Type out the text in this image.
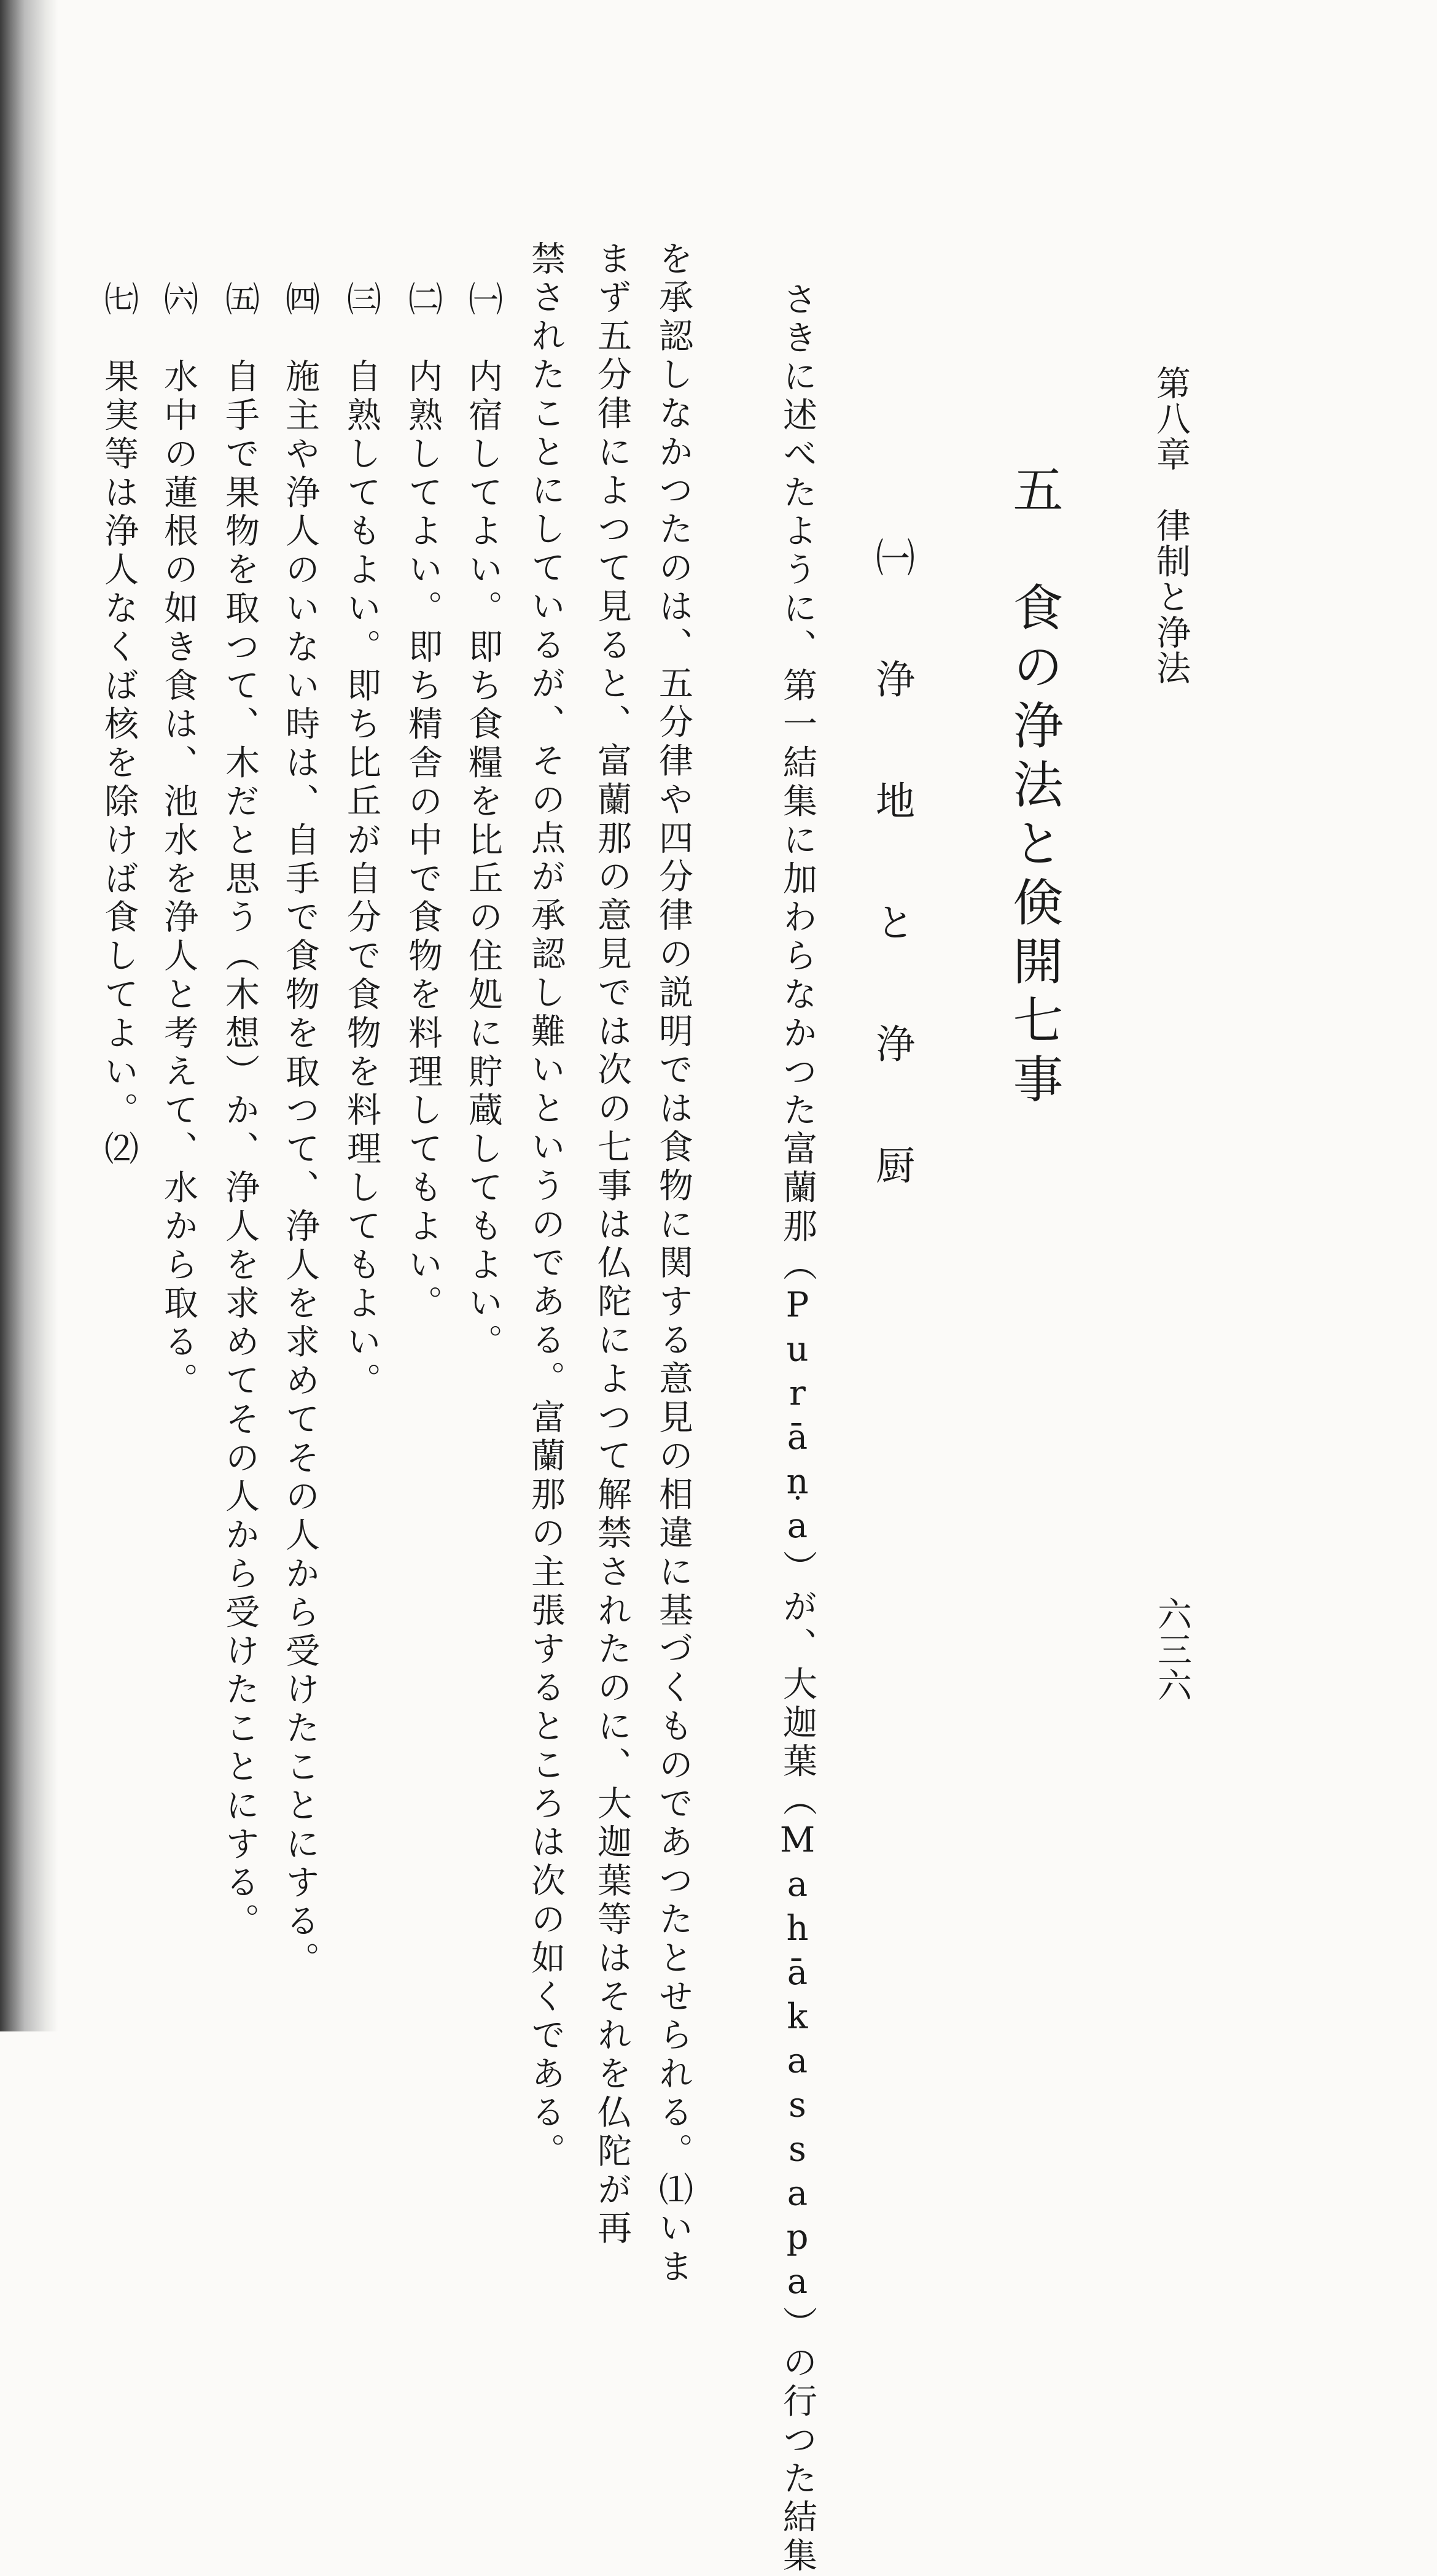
第八章　律制と浄法
六三六
五　食の浄法と倹開七事
㈠ 浄 地 と 浄 厨
さきに述べたように、第一結集に加わらなかつた富蘭那（Purāṇa）が、大迦葉（Mahākassapa）の行つた結集
を承認しなかつたのは、五分律や四分律の説明では食物に関する意見の相違に基づくものであつたとせられる。⑴いま
まず五分律によつて見ると、富蘭那の意見では次の七事は仏陀によつて解禁されたのに、大迦葉等はそれを仏陀が再
禁されたことにしているが、その点が承認し難いというのである。富蘭那の主張するところは次の如くである。
㈠　内宿してよい。即ち食糧を比丘の住処に貯蔵してもよい。
㈡　内熟してよい。即ち精舎の中で食物を料理してもよい。
㈢　自熟してもよい。即ち比丘が自分で食物を料理してもよい。
㈣　施主や浄人のいない時は、自手で食物を取つて、浄人を求めてその人から受けたことにする。
㈤　自手で果物を取つて、木だと思う（木想）か、浄人を求めてその人から受けたことにする。
㈥　水中の蓮根の如き食は、池水を浄人と考えて、水から取る。
㈦　果実等は浄人なくば核を除けば食してよい。⑵
